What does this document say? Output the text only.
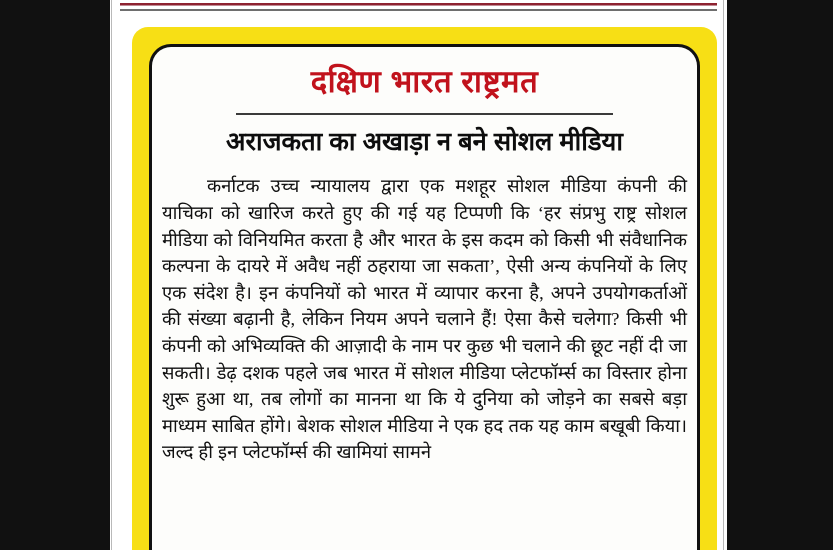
दक्षिण भारत राष्ट्रमत
अराजकता का अखाड़ा न बने सोशल मीडिया

कर्नाटक उच्च न्यायालय द्वारा एक मशहूर सोशल मीडिया कंपनी की याचिका को खारिज करते हुए की गई यह टिप्पणी कि ‘हर संप्रभु राष्ट्र सोशल मीडिया को विनियमित करता है और भारत के इस कदम को किसी भी संवैधानिक कल्पना के दायरे में अवैध नहीं ठहराया जा सकता’, ऐसी अन्य कंपनियों के लिए एक संदेश है। इन कंपनियों को भारत में व्यापार करना है, अपने उपयोगकर्ताओं की संख्या बढ़ानी है, लेकिन नियम अपने चलाने हैं! ऐसा कैसे चलेगा? किसी भी कंपनी को अभिव्यक्ति की आज़ादी के नाम पर कुछ भी चलाने की छूट नहीं दी जा सकती। डेढ़ दशक पहले जब भारत में सोशल मीडिया प्लेटफॉर्म्स का विस्तार होना शुरू हुआ था, तब लोगों का मानना था कि ये दुनिया को जोड़ने का सबसे बड़ा माध्यम साबित होंगे। बेशक सोशल मीडिया ने एक हद तक यह काम बखूबी किया। जल्द ही इन प्लेटफॉर्म्स की खामियां सामने
